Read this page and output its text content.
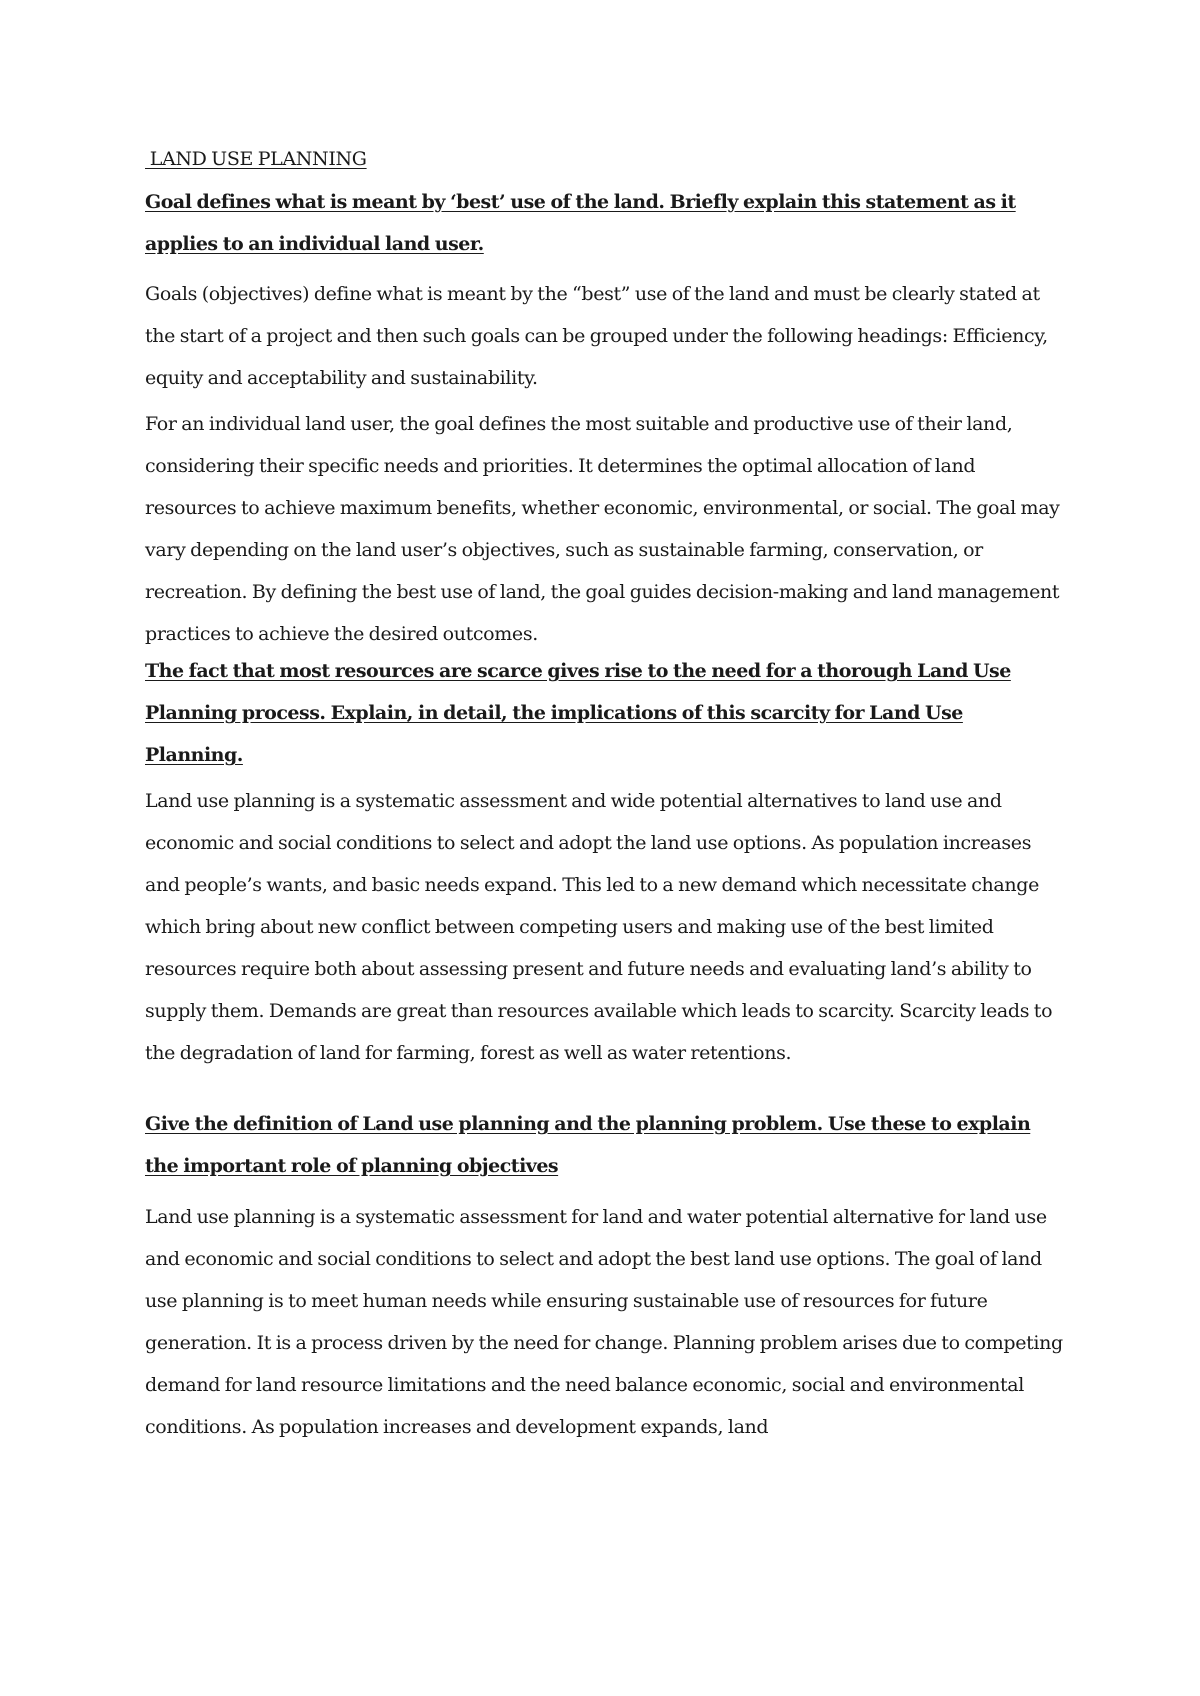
LAND USE PLANNING

Goal defines what is meant by ‘best’ use of the land. Briefly explain this statement as it applies to an individual land user.

Goals (objectives) define what is meant by the “best” use of the land and must be clearly stated at the start of a project and then such goals can be grouped under the following headings: Efficiency, equity and acceptability and sustainability.

For an individual land user, the goal defines the most suitable and productive use of their land, considering their specific needs and priorities. It determines the optimal allocation of land resources to achieve maximum benefits, whether economic, environmental, or social. The goal may vary depending on the land user’s objectives, such as sustainable farming, conservation, or recreation. By defining the best use of land, the goal guides decision-making and land management practices to achieve the desired outcomes.

The fact that most resources are scarce gives rise to the need for a thorough Land Use Planning process. Explain, in detail, the implications of this scarcity for Land Use Planning.

Land use planning is a systematic assessment and wide potential alternatives to land use and economic and social conditions to select and adopt the land use options. As population increases and people’s wants, and basic needs expand. This led to a new demand which necessitate change which bring about new conflict between competing users and making use of the best limited resources require both about assessing present and future needs and evaluating land’s ability to supply them. Demands are great than resources available which leads to scarcity. Scarcity leads to the degradation of land for farming, forest as well as water retentions.

Give the definition of Land use planning and the planning problem. Use these to explain the important role of planning objectives

Land use planning is a systematic assessment for land and water potential alternative for land use and economic and social conditions to select and adopt the best land use options. The goal of land use planning is to meet human needs while ensuring sustainable use of resources for future generation. It is a process driven by the need for change. Planning problem arises due to competing demand for land resource limitations and the need balance economic, social and environmental conditions. As population increases and development expands, land
